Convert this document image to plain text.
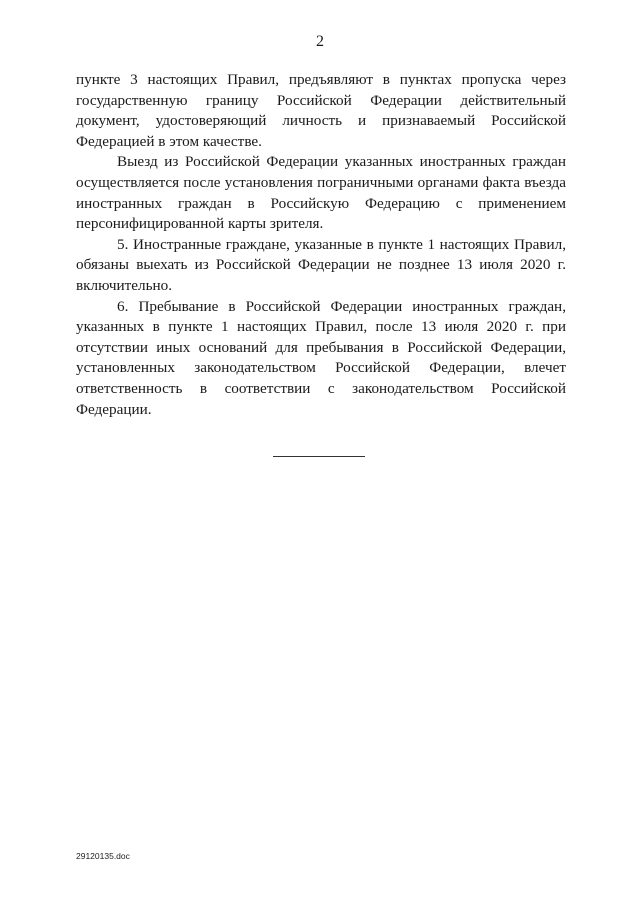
2

пункте 3 настоящих Правил, предъявляют в пунктах пропуска через государственную границу Российской Федерации действительный документ, удостоверяющий личность и признаваемый Российской Федерацией в этом качестве.

Выезд из Российской Федерации указанных иностранных граждан осуществляется после установления пограничными органами факта въезда иностранных граждан в Российскую Федерацию с применением персонифицированной карты зрителя.

5. Иностранные граждане, указанные в пункте 1 настоящих Правил, обязаны выехать из Российской Федерации не позднее 13 июля 2020 г. включительно.

6. Пребывание в Российской Федерации иностранных граждан, указанных в пункте 1 настоящих Правил, после 13 июля 2020 г. при отсутствии иных оснований для пребывания в Российской Федерации, установленных законодательством Российской Федерации, влечет ответственность в соответствии с законодательством Российской Федерации.

29120135.doc
